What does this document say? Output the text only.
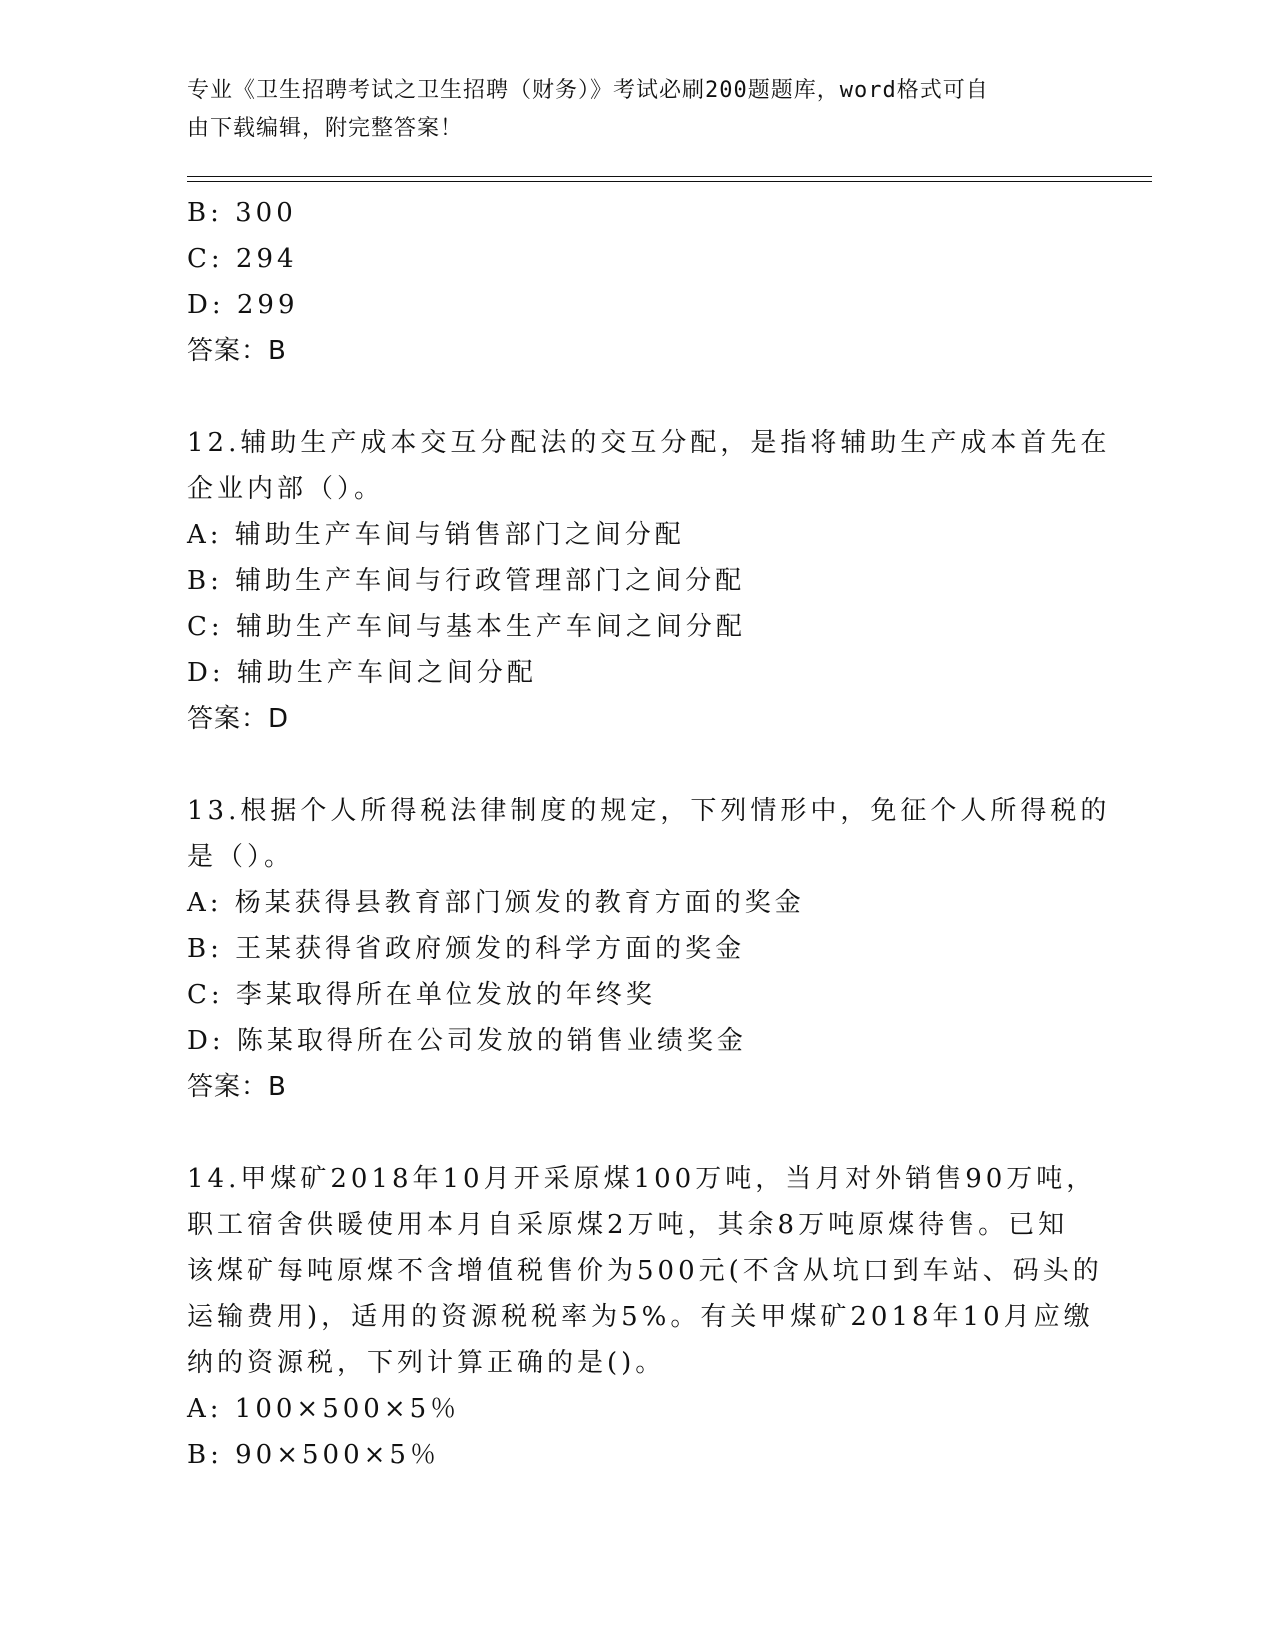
专业《卫生招聘考试之卫生招聘（财务）》考试必刷200题题库，word格式可自
由下载编辑，附完整答案！
B: 300
C: 294
D: 299
答案：B
12.辅助生产成本交互分配法的交互分配，是指将辅助生产成本首先在
企业内部（）。
A: 辅助生产车间与销售部门之间分配
B: 辅助生产车间与行政管理部门之间分配
C: 辅助生产车间与基本生产车间之间分配
D: 辅助生产车间之间分配
答案：D
13.根据个人所得税法律制度的规定，下列情形中，免征个人所得税的
是（）。
A: 杨某获得县教育部门颁发的教育方面的奖金
B: 王某获得省政府颁发的科学方面的奖金
C: 李某取得所在单位发放的年终奖
D: 陈某取得所在公司发放的销售业绩奖金
答案：B
14.甲煤矿2018年10月开采原煤100万吨，当月对外销售90万吨，
职工宿舍供暖使用本月自采原煤2万吨，其余8万吨原煤待售。已知
该煤矿每吨原煤不含增值税售价为500元(不含从坑口到车站、码头的
运输费用)，适用的资源税税率为5%。有关甲煤矿2018年10月应缴
纳的资源税，下列计算正确的是()。
A: 100×500×5％
B: 90×500×5％
